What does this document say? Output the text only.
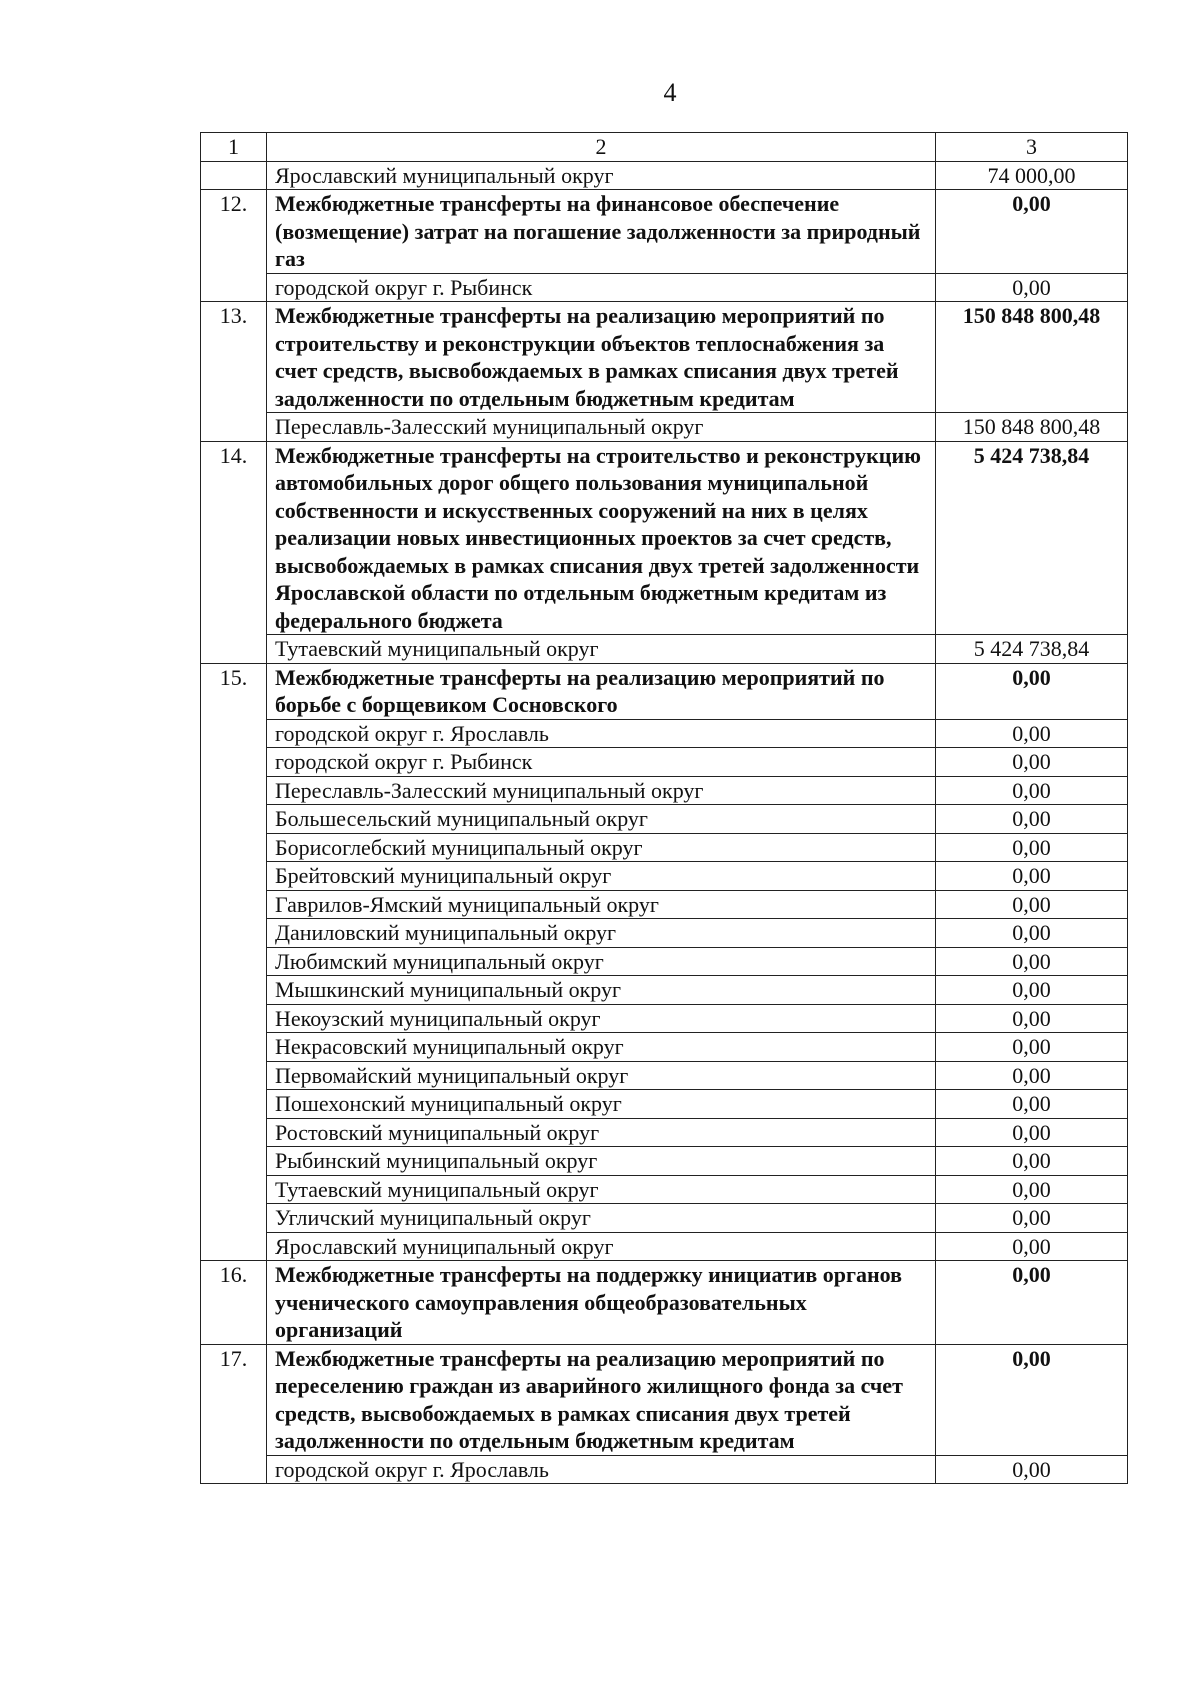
4
1	2	3
	Ярославский муниципальный округ	74 000,00
12.	Межбюджетные трансферты на финансовое обеспечение (возмещение) затрат на погашение задолженности за природный газ	0,00
	городской округ г. Рыбинск	0,00
13.	Межбюджетные трансферты на реализацию мероприятий по строительству и реконструкции объектов теплоснабжения за счет средств, высвобождаемых в рамках списания двух третей задолженности по отдельным бюджетным кредитам	150 848 800,48
	Переславль-Залесский муниципальный округ	150 848 800,48
14.	Межбюджетные трансферты на строительство и реконструкцию автомобильных дорог общего пользования муниципальной собственности и искусственных сооружений на них в целях реализации новых инвестиционных проектов за счет средств, высвобождаемых в рамках списания двух третей задолженности Ярославской области по отдельным бюджетным кредитам из федерального бюджета	5 424 738,84
	Тутаевский муниципальный округ	5 424 738,84
15.	Межбюджетные трансферты на реализацию мероприятий по борьбе с борщевиком Сосновского	0,00
	городской округ г. Ярославль	0,00
	городской округ г. Рыбинск	0,00
	Переславль-Залесский муниципальный округ	0,00
	Большесельский муниципальный округ	0,00
	Борисоглебский муниципальный округ	0,00
	Брейтовский муниципальный округ	0,00
	Гаврилов-Ямский муниципальный округ	0,00
	Даниловский муниципальный округ	0,00
	Любимский муниципальный округ	0,00
	Мышкинский муниципальный округ	0,00
	Некоузский муниципальный округ	0,00
	Некрасовский муниципальный округ	0,00
	Первомайский муниципальный округ	0,00
	Пошехонский муниципальный округ	0,00
	Ростовский муниципальный округ	0,00
	Рыбинский муниципальный округ	0,00
	Тутаевский муниципальный округ	0,00
	Угличский муниципальный округ	0,00
	Ярославский муниципальный округ	0,00
16.	Межбюджетные трансферты на поддержку инициатив органов ученического самоуправления общеобразовательных организаций	0,00
17.	Межбюджетные трансферты на реализацию мероприятий по переселению граждан из аварийного жилищного фонда за счет средств, высвобождаемых в рамках списания двух третей задолженности по отдельным бюджетным кредитам	0,00
	городской округ г. Ярославль	0,00
